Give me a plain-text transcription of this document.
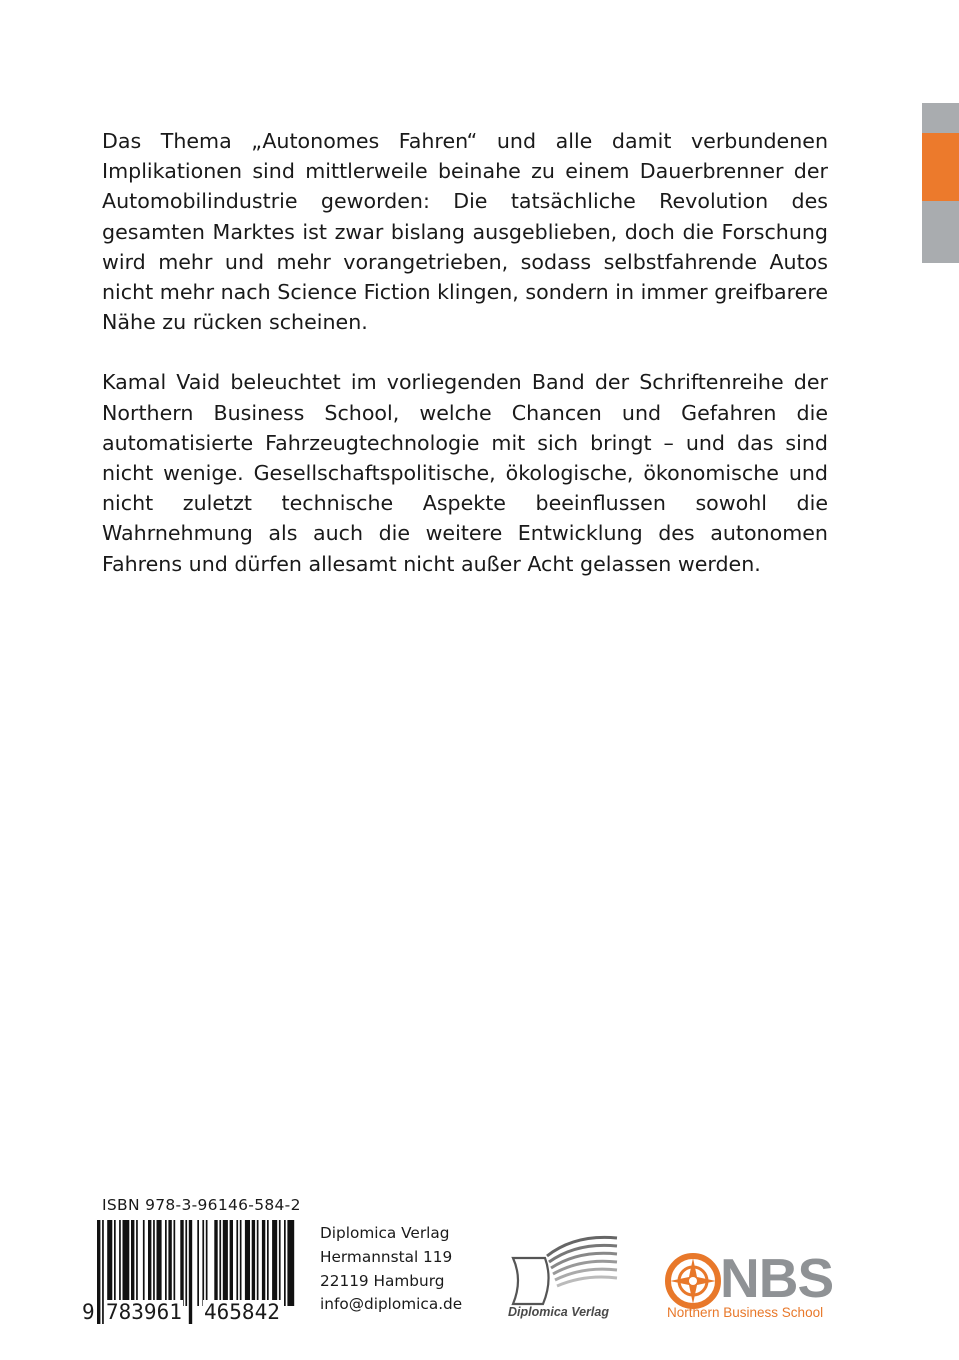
Das Thema „Autonomes Fahren“ und alle damit verbundenen Implikationen sind mittlerweile beinahe zu einem Dauerbrenner der Automobilindustrie geworden: Die tatsächliche Revolution des gesamten Marktes ist zwar bislang ausgeblieben, doch die Forschung wird mehr und mehr vorangetrieben, sodass selbstfahrende Autos nicht mehr nach Science Fiction klingen, sondern in immer greifbarere Nähe zu rücken scheinen.

Kamal Vaid beleuchtet im vorliegenden Band der Schriftenreihe der Northern Business School, welche Chancen und Gefahren die automatisierte Fahrzeugtechnologie mit sich bringt – und das sind nicht wenige. Gesellschaftspolitische, ökologische, ökonomische und nicht zuletzt technische Aspekte beeinflussen sowohl die Wahrnehmung als auch die weitere Entwicklung des autonomen Fahrens und dürfen allesamt nicht außer Acht gelassen werden.

ISBN 978-3-96146-584-2
9 783961 465842
Diplomica Verlag
Hermannstal 119
22119 Hamburg
info@diplomica.de	Diplomica Verlag
NBS
Northern Business School
